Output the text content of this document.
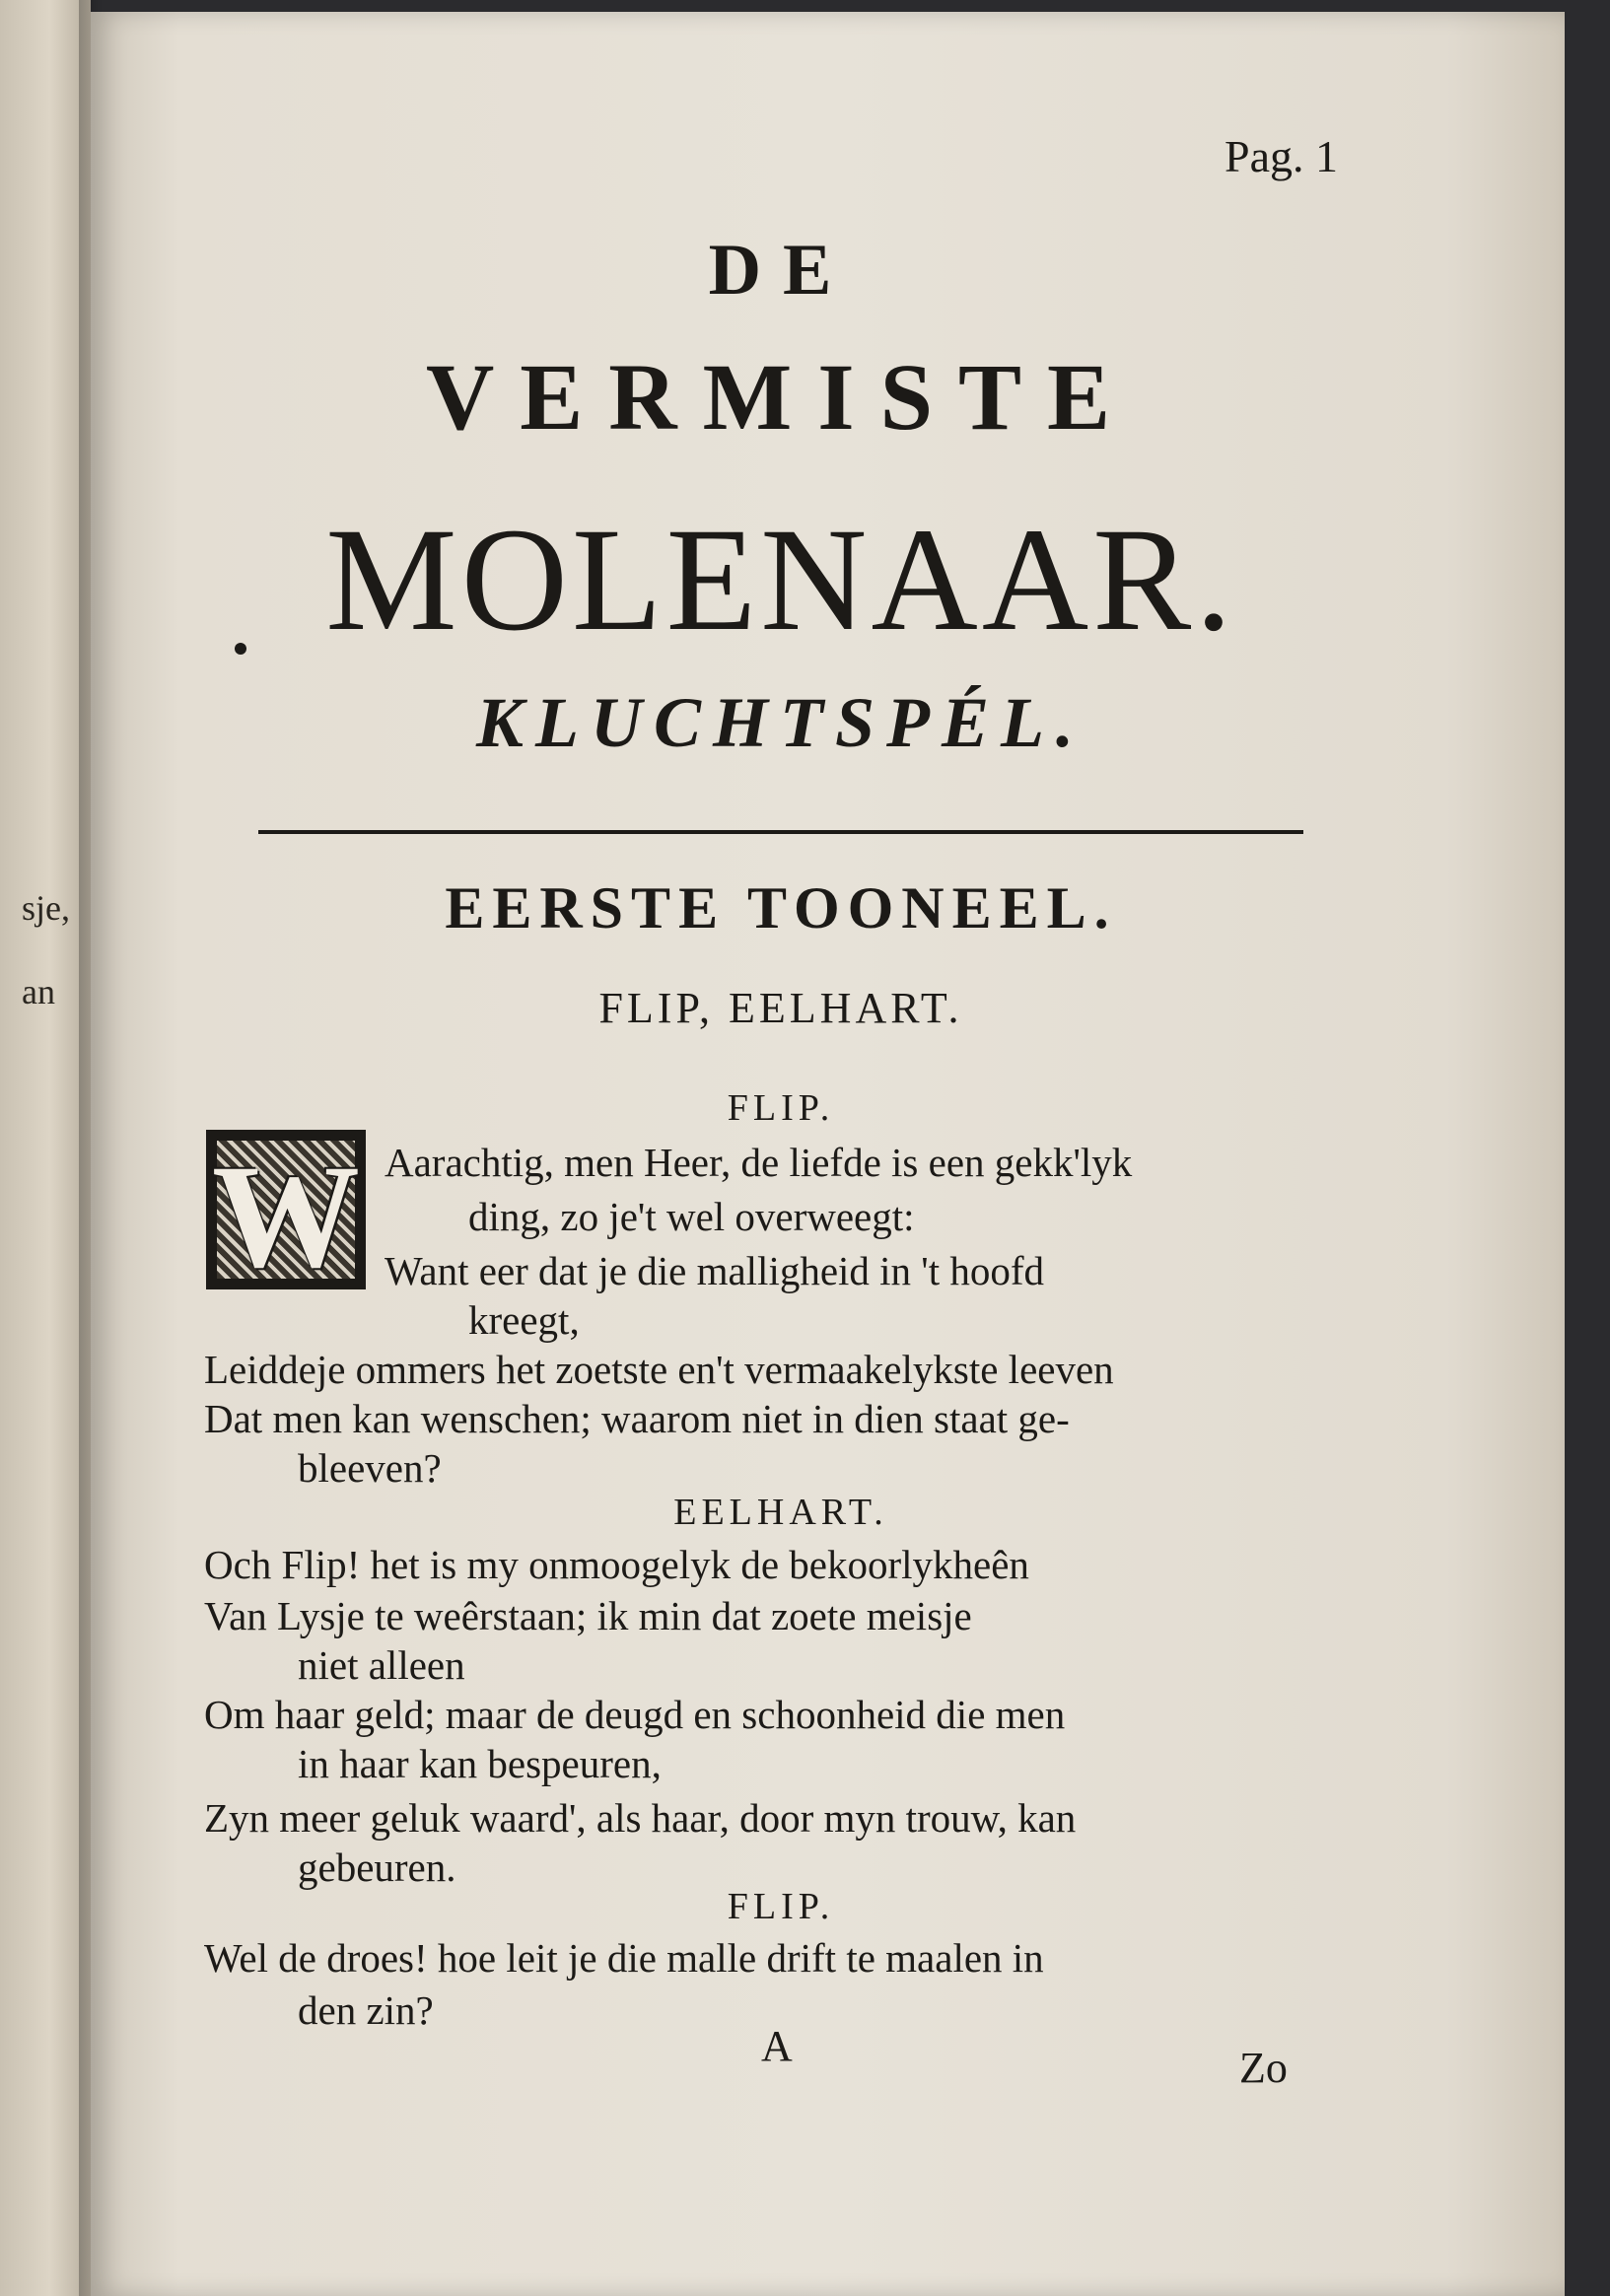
sje,
an
Pag. 1
DE
VERMISTE
MOLENAAR.
KLUCHTSPÉL.
EERSTE TOONEEL.
FLIP, EELHART.
FLIP.
W Aarachtig, men Heer, de liefde is een gekk'lyk
ding, zo je't wel overweegt:
Want eer dat je die malligheid in 't hoofd
kreegt,
Leiddeje ommers het zoetste en't vermaakelykste leeven
Dat men kan wenschen; waarom niet in dien staat ge-
bleeven?
EELHART.
Och Flip! het is my onmoogelyk de bekoorlykheên
Van Lysje te weêrstaan; ik min dat zoete meisje
niet alleen
Om haar geld; maar de deugd en schoonheid die men
in haar kan bespeuren,
Zyn meer geluk waard', als haar, door myn trouw, kan
gebeuren.
FLIP.
Wel de droes! hoe leit je die malle drift te maalen in
den zin?
A	Zo
